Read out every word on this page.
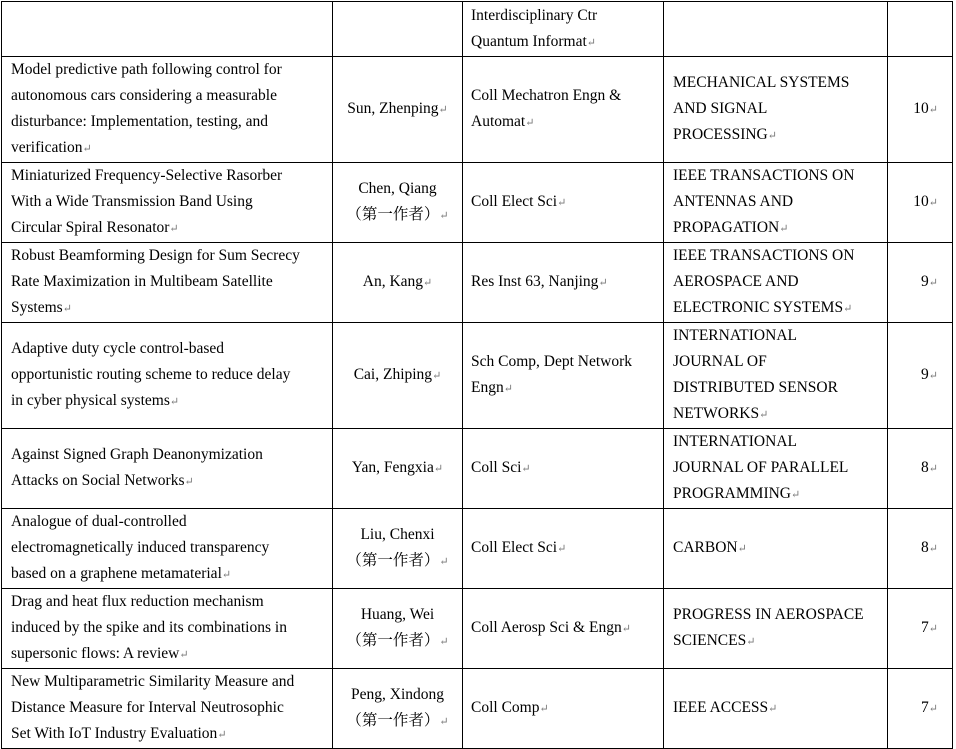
		Interdisciplinary Ctr
Quantum Informat↵		

Model predictive path following control for
autonomous cars considering a measurable
disturbance: Implementation, testing, and
verification↵	Sun, Zhenping↵	Coll Mechatron Engn &
Automat↵	MECHANICAL SYSTEMS
AND SIGNAL
PROCESSING↵	10↵

Miniaturized Frequency-Selective Rasorber
With a Wide Transmission Band Using
Circular Spiral Resonator↵	Chen, Qiang
（第一作者）↵	Coll Elect Sci↵	IEEE TRANSACTIONS ON
ANTENNAS AND
PROPAGATION↵	10↵

Robust Beamforming Design for Sum Secrecy
Rate Maximization in Multibeam Satellite
Systems↵	An, Kang↵	Res Inst 63, Nanjing↵	IEEE TRANSACTIONS ON
AEROSPACE AND
ELECTRONIC SYSTEMS↵	9↵

Adaptive duty cycle control-based
opportunistic routing scheme to reduce delay
in cyber physical systems↵	Cai, Zhiping↵	Sch Comp, Dept Network
Engn↵	INTERNATIONAL
JOURNAL OF
DISTRIBUTED SENSOR
NETWORKS↵	9↵

Against Signed Graph Deanonymization
Attacks on Social Networks↵	Yan, Fengxia↵	Coll Sci↵	INTERNATIONAL
JOURNAL OF PARALLEL
PROGRAMMING↵	8↵

Analogue of dual-controlled
electromagnetically induced transparency
based on a graphene metamaterial↵	Liu, Chenxi
（第一作者）↵	Coll Elect Sci↵	CARBON↵	8↵

Drag and heat flux reduction mechanism
induced by the spike and its combinations in
supersonic flows: A review↵	Huang, Wei
（第一作者）↵	Coll Aerosp Sci & Engn↵	PROGRESS IN AEROSPACE
SCIENCES↵	7↵

New Multiparametric Similarity Measure and
Distance Measure for Interval Neutrosophic
Set With IoT Industry Evaluation↵	Peng, Xindong
（第一作者）↵	Coll Comp↵	IEEE ACCESS↵	7↵
